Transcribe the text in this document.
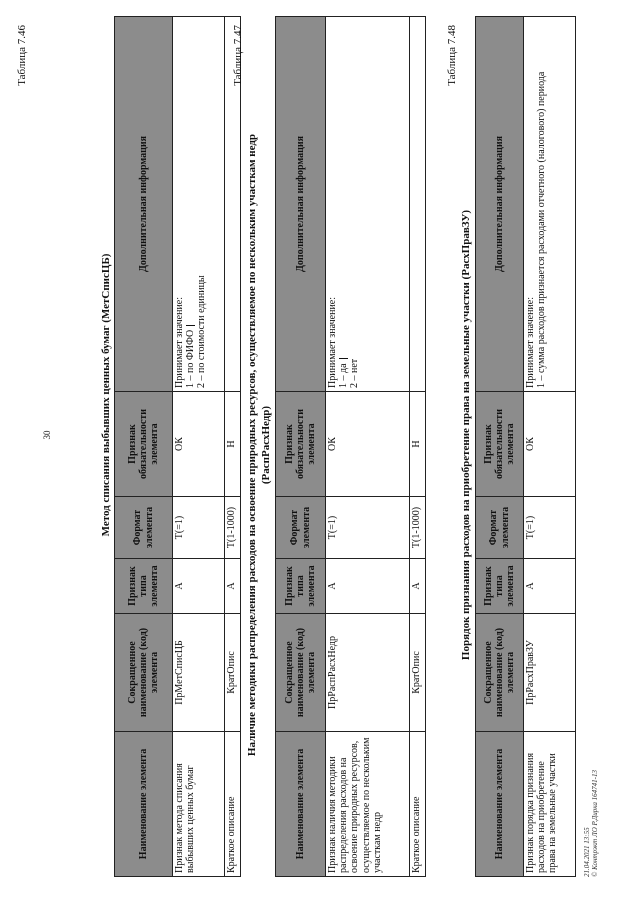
30
Таблица 7.46
Метод списания выбывших ценных бумаг (МетСписЦБ)
Наименование элемента	Сокращенное наименование (код) элемента	Признак типа элемента	Формат элемента	Признак обязательности элемента	Дополнительная информация
Признак метода списания выбывших ценных бумаг	ПрМетСписЦБ	А	T(=1)	ОК	Принимает значение: 1 – по ФИФО 2 – по стоимости единицы

Краткое описание	КратОпис	А	T(1-1000)	Н	
Таблица 7.47
Наличие методики распределения расходов на освоение природных ресурсов, осуществляемое по нескольким участкам недр (РаспРасхНедр)
Наименование элемента	Сокращенное наименование (код) элемента	Признак типа элемента	Формат элемента	Признак обязательности элемента	Дополнительная информация
Признак наличия методики распределения расходов на освоение природных ресурсов, осуществляемое по нескольким участкам недр	ПрРаспРасхНедр	А	T(=1)	ОК	Принимает значение: 1 – да 2 – нет

Краткое описание	КратОпис	А	T(1-1000)	Н	
Таблица 7.48
Порядок признания расходов на приобретение права на земельные участки (РасхПравЗУ)
Наименование элемента	Сокращенное наименование (код) элемента	Признак типа элемента	Формат элемента	Признак обязательности элемента	Дополнительная информация
Признак порядка признания расходов на приобретение права на земельные участки	ПрРасхПравЗУ	А	T(=1)	ОК	Принимает значение: 1 – сумма расходов признается расходами отчетного (налогового) периода
21.04.2021 13:55 © Контрэкт ЛО Р.Дирка 164741-13
